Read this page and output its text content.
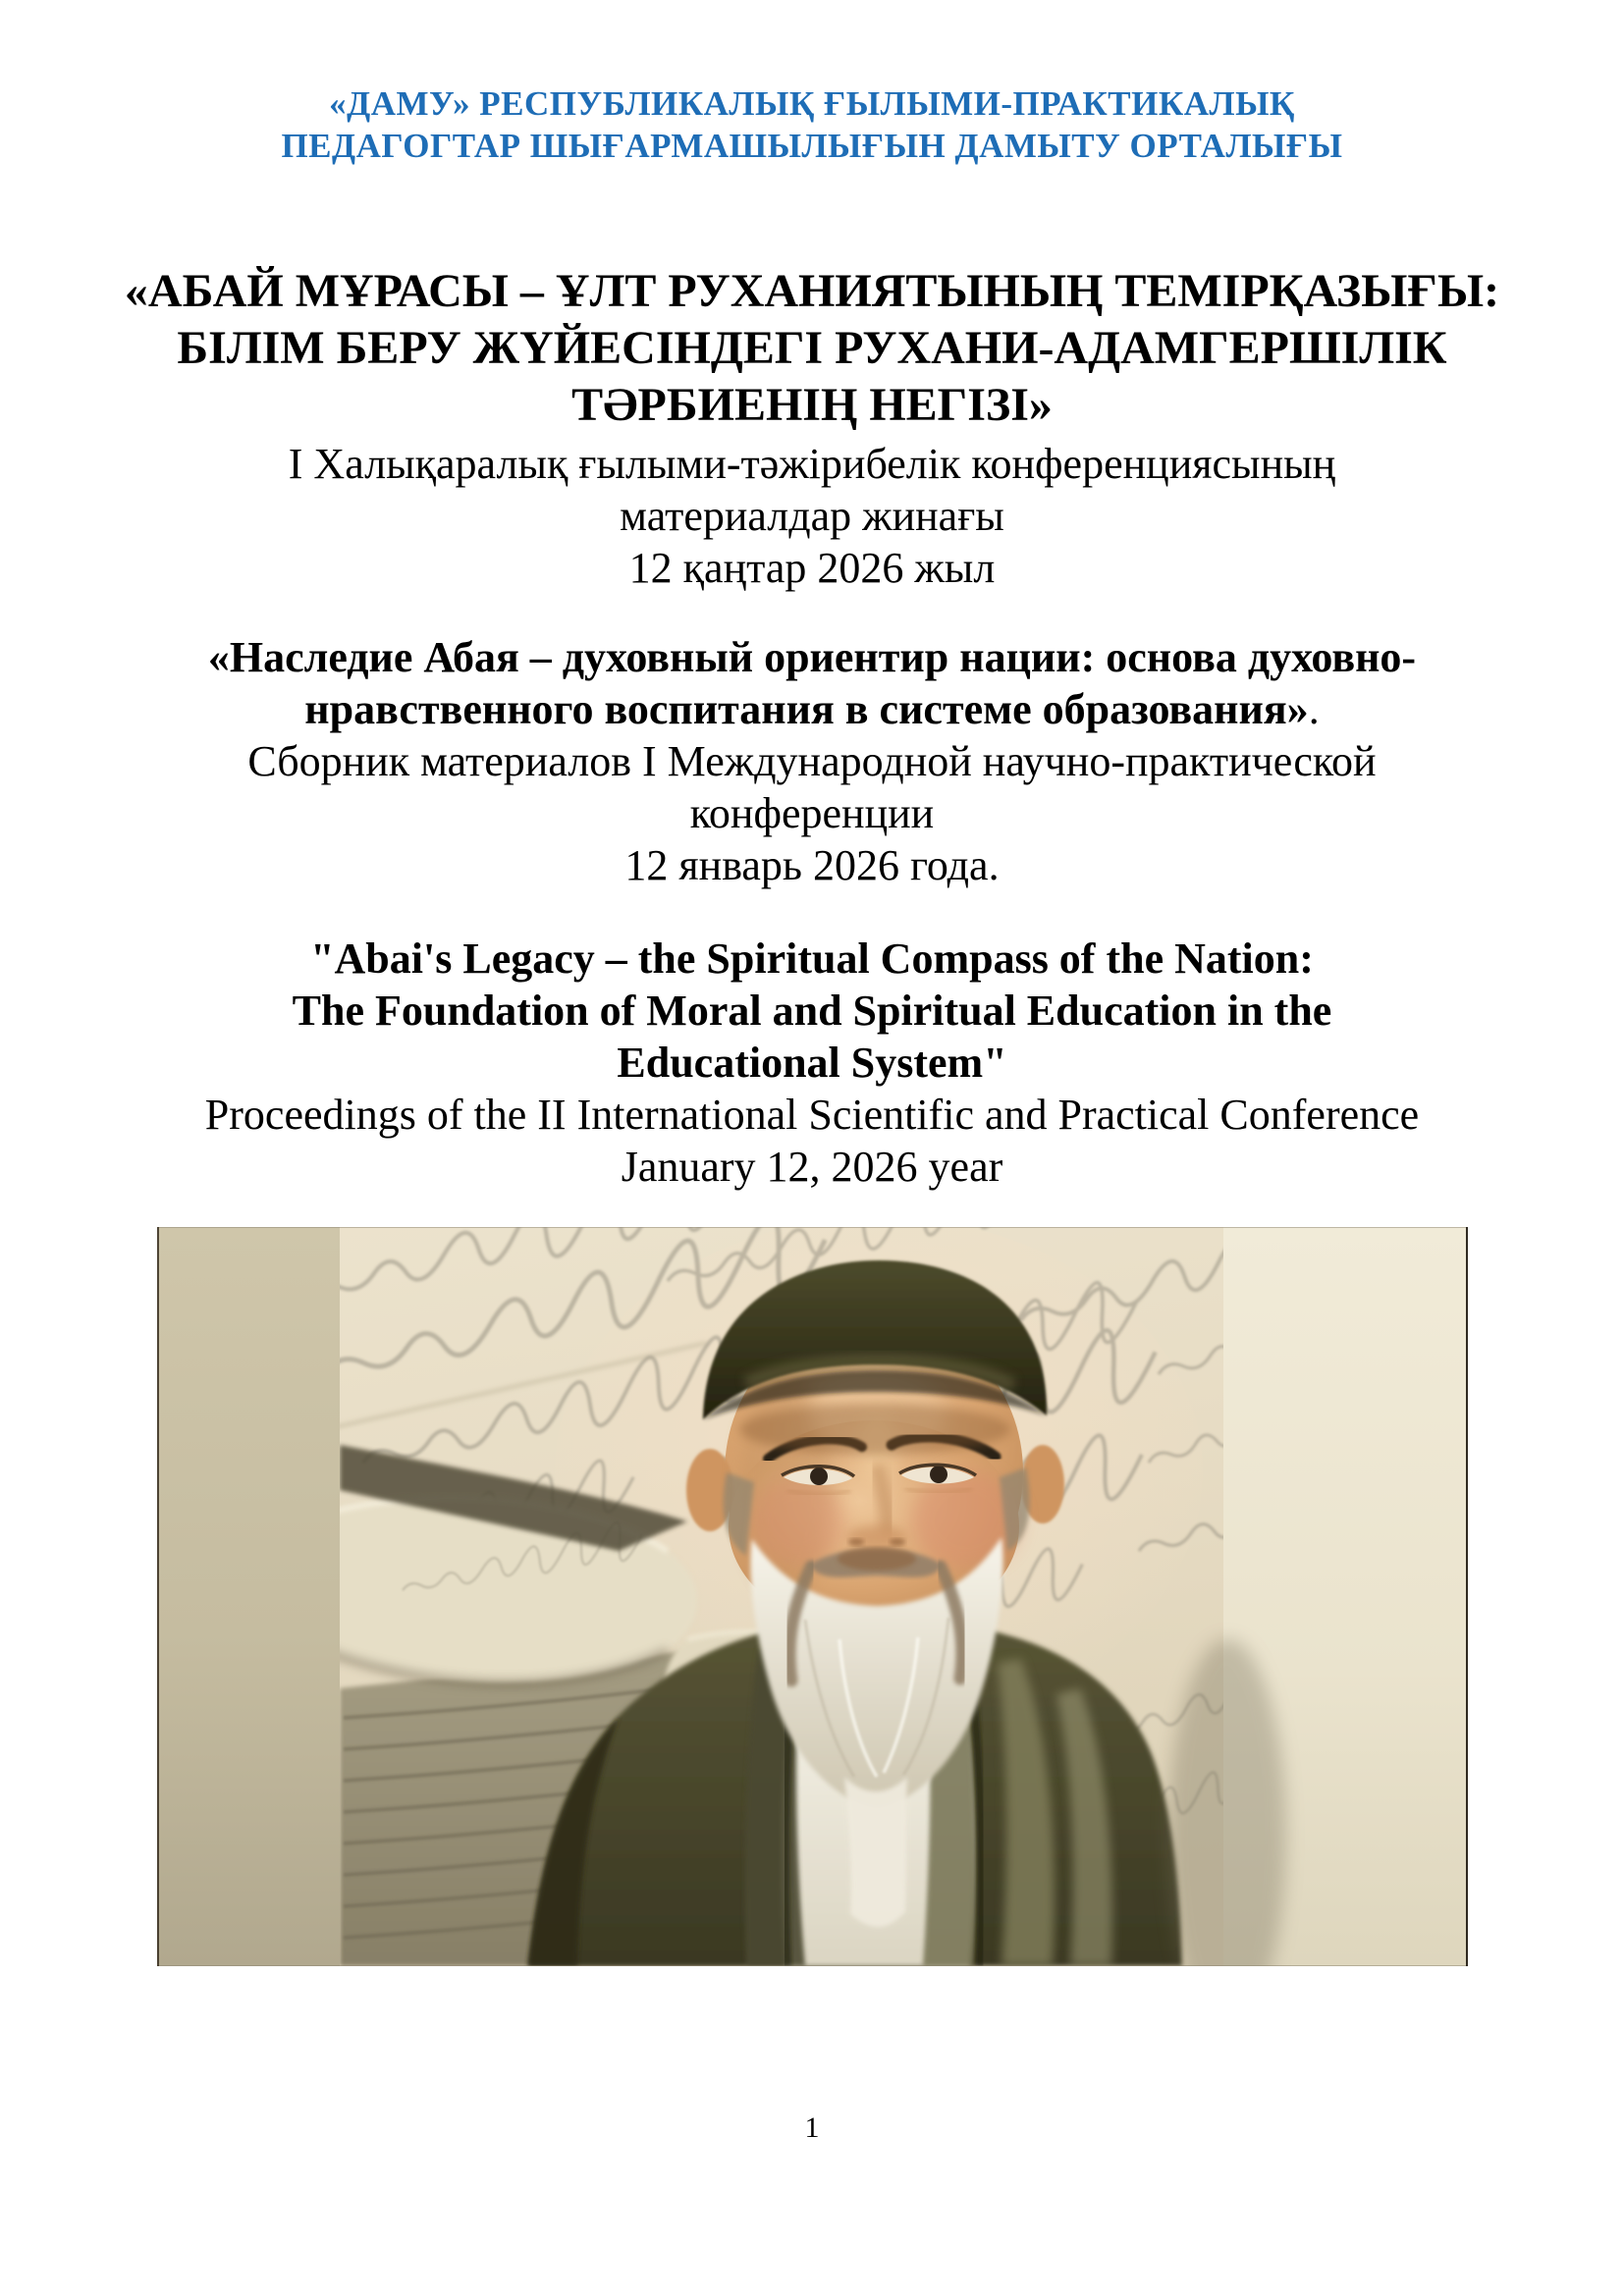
«ДАМУ» РЕСПУБЛИКАЛЫҚ ҒЫЛЫМИ-ПРАКТИКАЛЫҚ
ПЕДАГОГТАР ШЫҒАРМАШЫЛЫҒЫН ДАМЫТУ ОРТАЛЫҒЫ
«АБАЙ МҰРАСЫ – ҰЛТ РУХАНИЯТЫНЫҢ ТЕМІРҚАЗЫҒЫ:
БІЛІМ БЕРУ ЖҮЙЕСІНДЕГІ РУХАНИ-АДАМГЕРШІЛІК
ТӘРБИЕНІҢ НЕГІЗІ»
І Халықаралық ғылыми-тәжірибелік конференциясының
материалдар жинағы
12 қаңтар 2026 жыл
«Наследие Абая – духовный ориентир нации: основа духовно-
нравственного воспитания в системе образования».
Сборник материалов І Международной научно-практической
конференции
12 январь 2026 года.
"Abai's Legacy – the Spiritual Compass of the Nation:
The Foundation of Moral and Spiritual Education in the
Educational System"
Proceedings of the II International Scientific and Practical Conference
January 12, 2026 year
1
